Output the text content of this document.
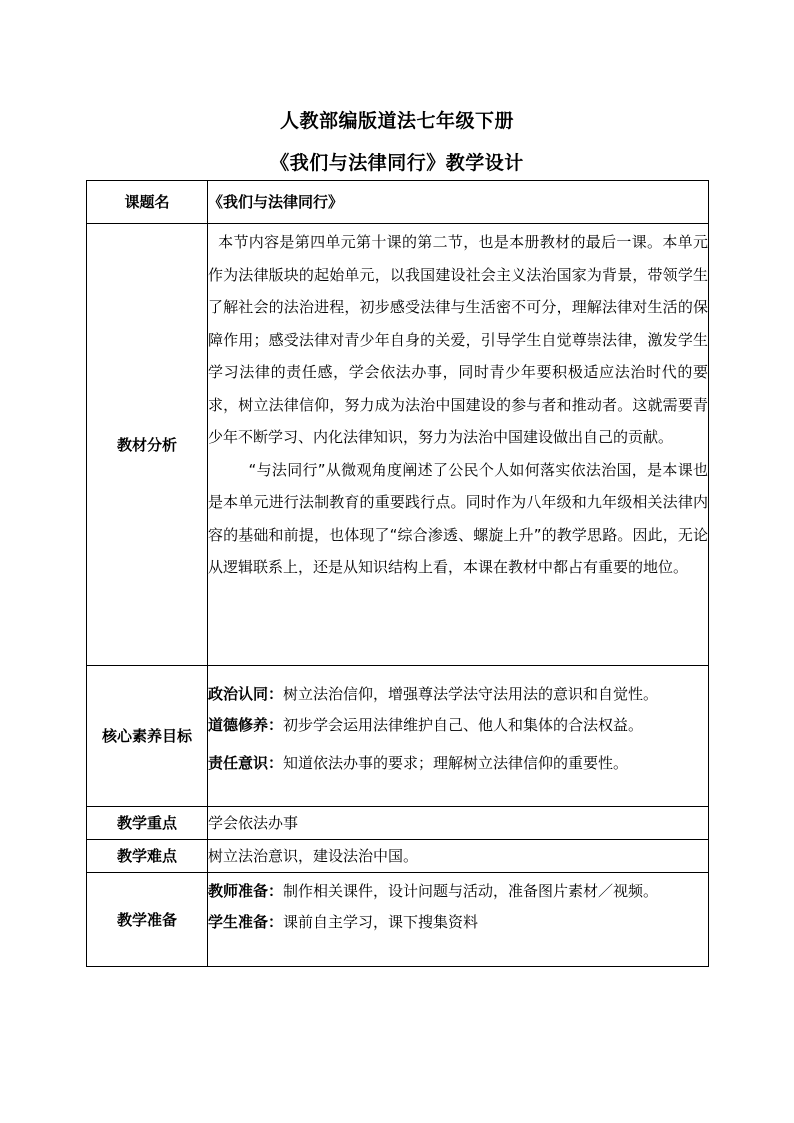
人教部编版道法七年级下册
《我们与法律同行》教学设计
课题名	《我们与法律同行》
教材分析	本节内容是第四单元第十课的第二节，也是本册教材的最后一课。本单元作为法律版块的起始单元，以我国建设社会主义法治国家为背景，带领学生了解社会的法治进程，初步感受法律与生活密不可分，理解法律对生活的保障作用；感受法律对青少年自身的关爱，引导学生自觉尊崇法律，激发学生学习法律的责任感，学会依法办事，同时青少年要积极适应法治时代的要求，树立法律信仰，努力成为法治中国建设的参与者和推动者。这就需要青少年不断学习、内化法律知识，努力为法治中国建设做出自己的贡献。

“与法同行”从微观角度阐述了公民个人如何落实依法治国，是本课也是本单元进行法制教育的重要践行点。同时作为八年级和九年级相关法律内容的基础和前提，也体现了“综合渗透、螺旋上升”的教学思路。因此，无论从逻辑联系上，还是从知识结构上看，本课在教材中都占有重要的地位。

核心素养目标	政治认同：树立法治信仰，增强尊法学法守法用法的意识和自觉性。

道德修养：初步学会运用法律维护自己、他人和集体的合法权益。

责任意识：知道依法办事的要求；理解树立法律信仰的重要性。

教学重点	学会依法办事
教学难点	树立法治意识，建设法治中国。
教学准备	教师准备：制作相关课件，设计问题与活动，准备图片素材／视频。

学生准备：课前自主学习，课下搜集资料
